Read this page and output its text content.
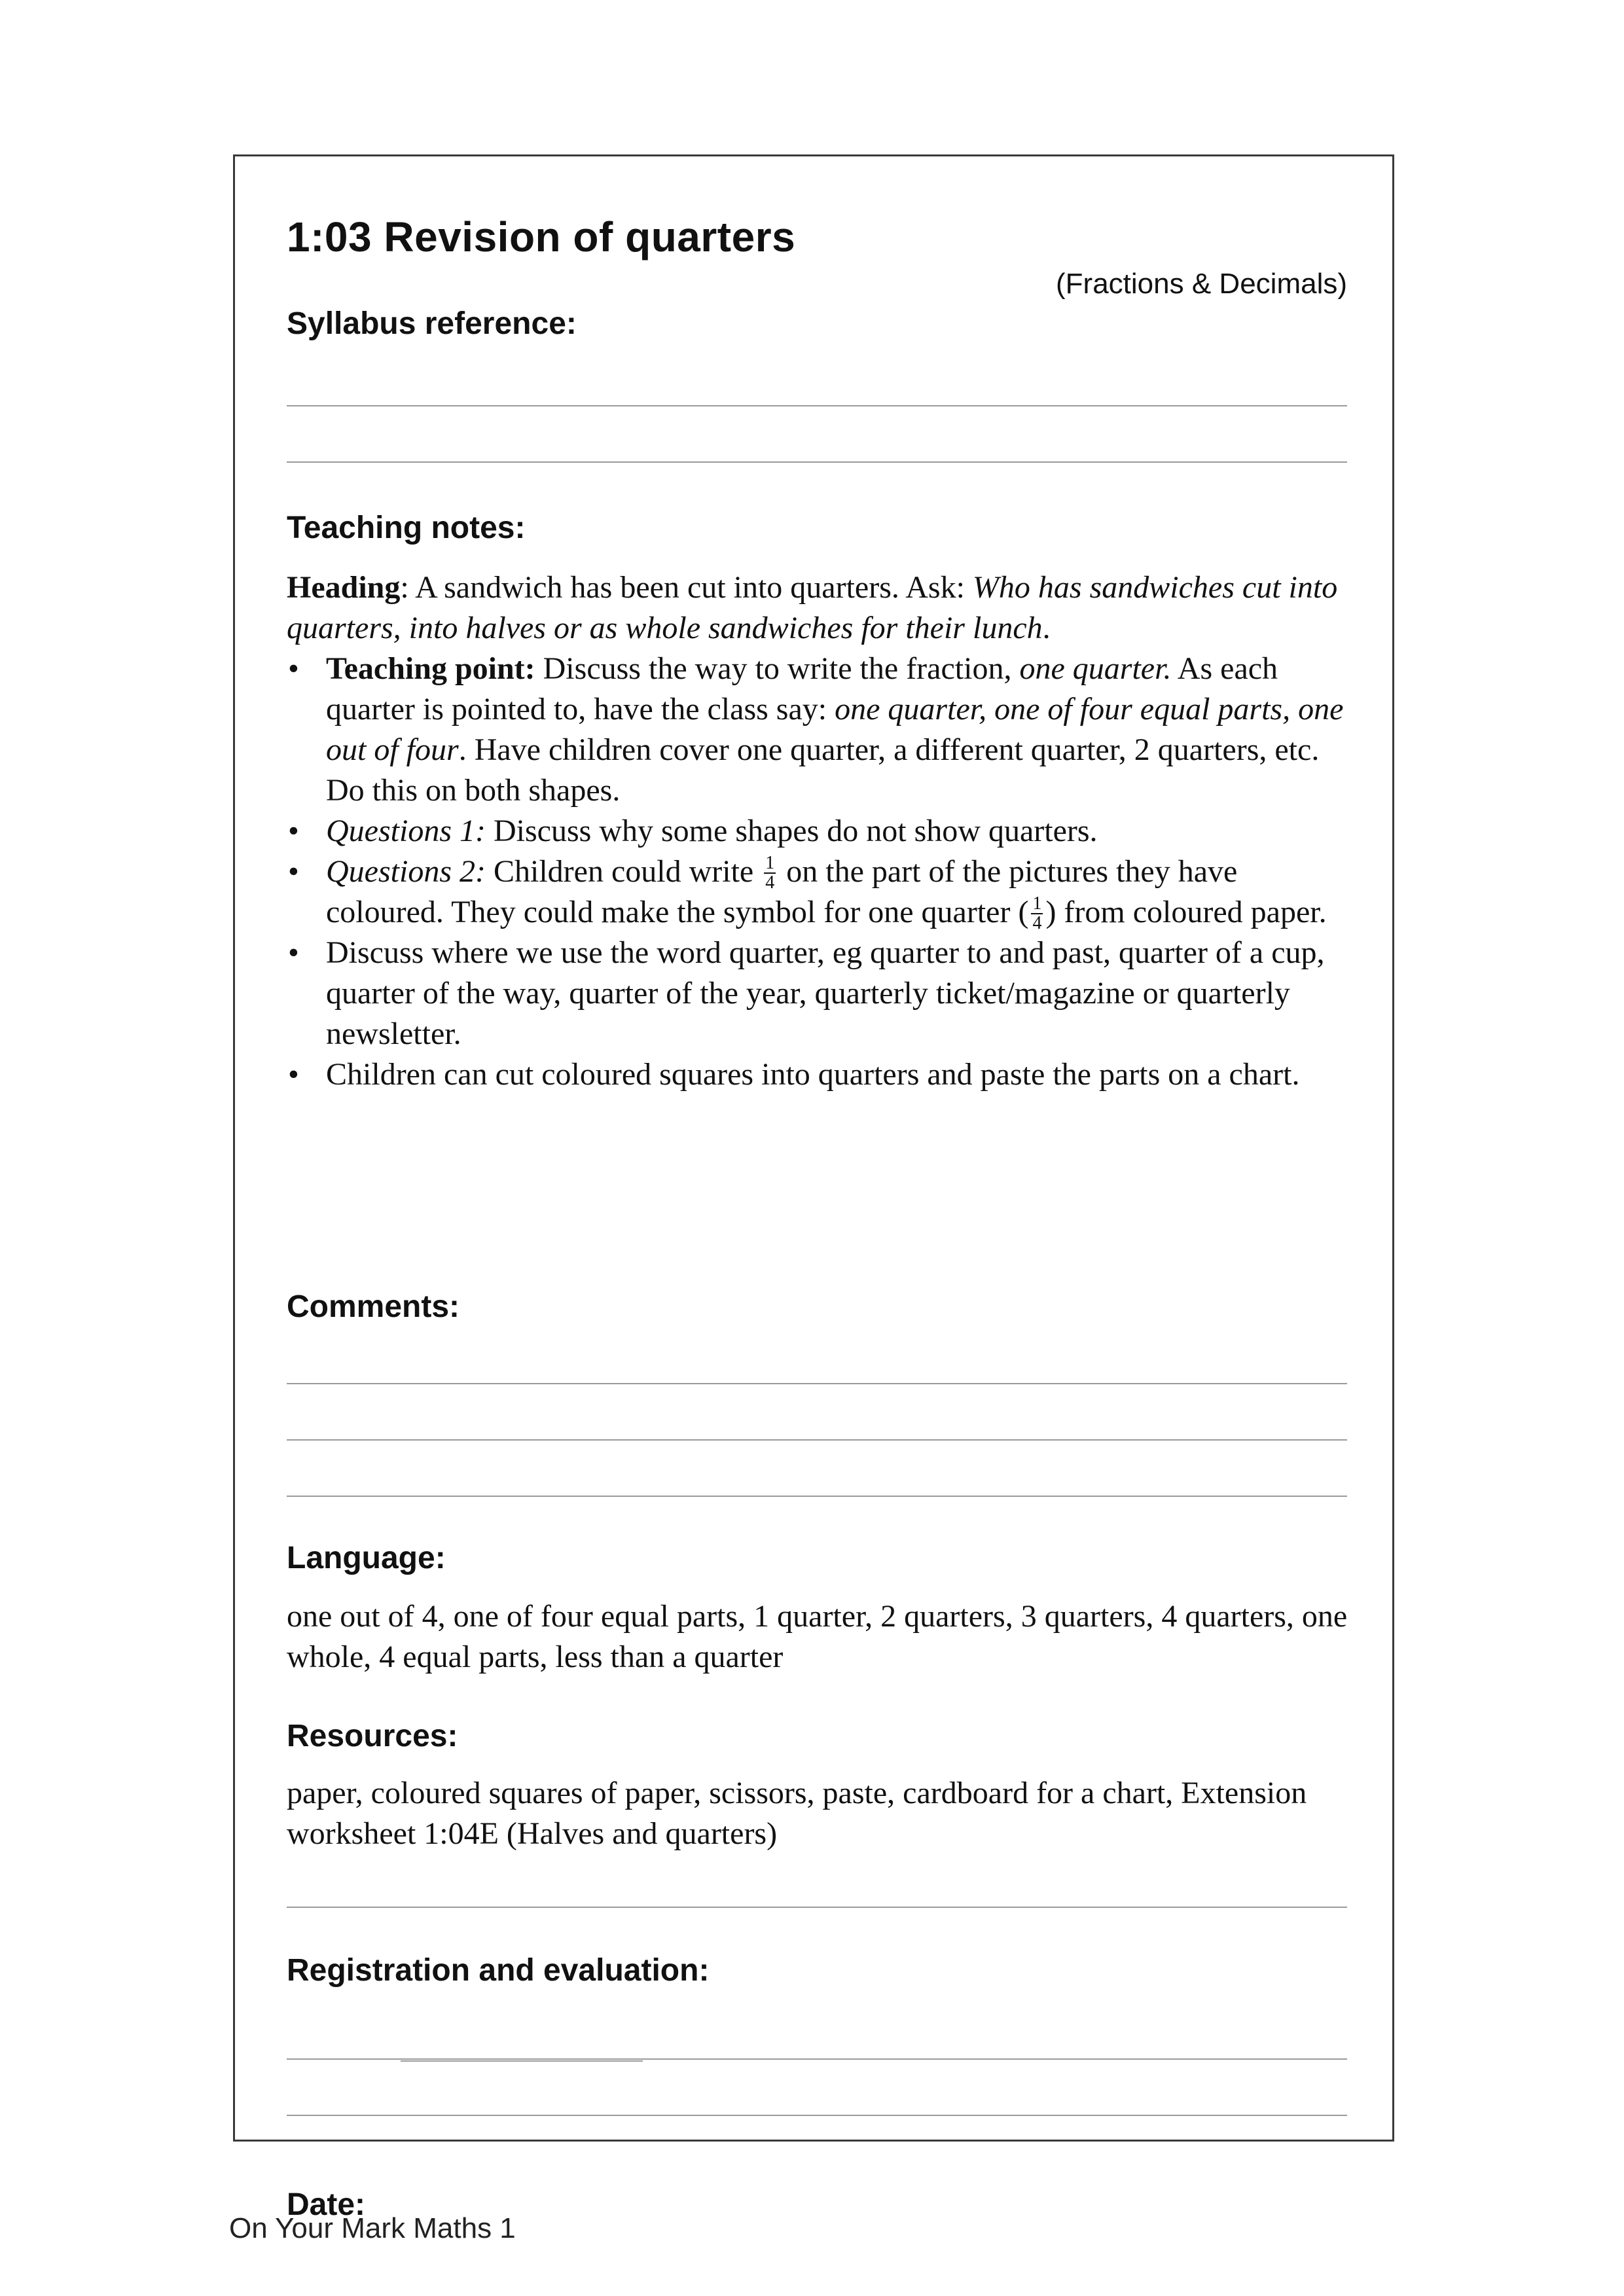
1:03 Revision of quarters
(Fractions & Decimals)
Syllabus reference:
Teaching notes:
Heading: A sandwich has been cut into quarters. Ask: Who has sandwiches cut into quarters, into halves or as whole sandwiches for their lunch.
• Teaching point: Discuss the way to write the fraction, one quarter. As each quarter is pointed to, have the class say: one quarter, one of four equal parts, one out of four. Have children cover one quarter, a different quarter, 2 quarters, etc. Do this on both shapes.
• Questions 1: Discuss why some shapes do not show quarters.
• Questions 2: Children could write $\frac{1}{4}$ on the part of the pictures they have coloured. They could make the symbol for one quarter ( $\frac{1}{4}$ ) from coloured paper.
• Discuss where we use the word quarter, eg quarter to and past, quarter of a cup, quarter of the way, quarter of the year, quarterly ticket/magazine or quarterly newsletter.
• Children can cut coloured squares into quarters and paste the parts on a chart.
Comments:
Language:
one out of 4, one of four equal parts, 1 quarter, 2 quarters, 3 quarters, 4 quarters, one whole, 4 equal parts, less than a quarter
Resources:
paper, coloured squares of paper, scissors, paste, cardboard for a chart, Extension worksheet 1:04E (Halves and quarters)
Registration and evaluation:
Date:
On Your Mark Maths 1
